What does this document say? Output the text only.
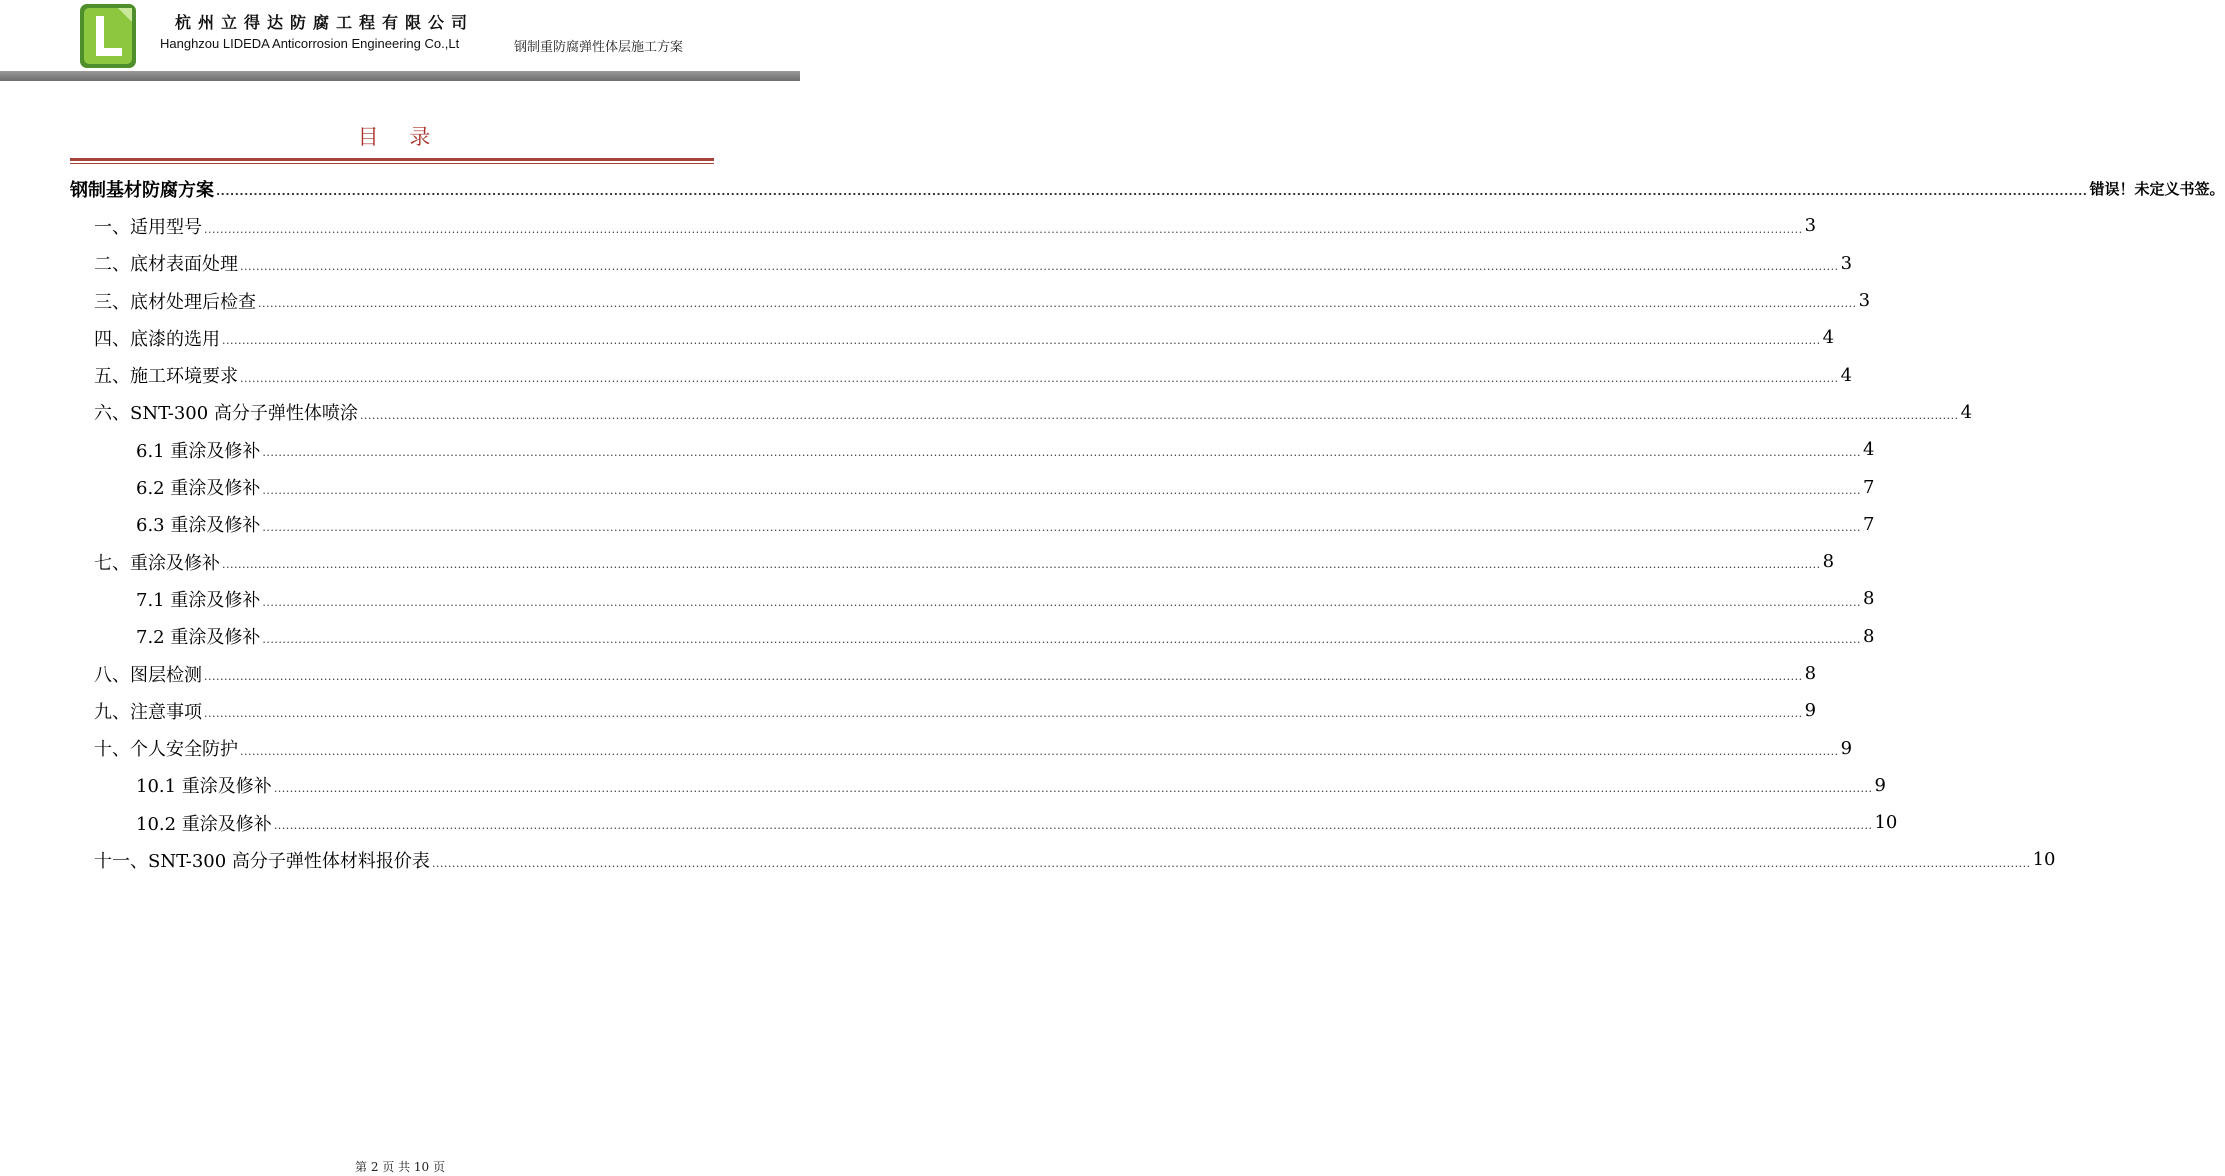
杭州立得达防腐工程有限公司
Hanghzou LIDEDA Anticorrosion Engineering Co.,Lt	钢制重防腐弹性体层施工方案
目 录
钢制基材防腐方案 ................................................................................................................................................................................................................................................................................................................................................................................................................ 错误！未定义书签。
一、适用型号 ................................................................................................................................................................................................................................................................................................................................................................................................................ 3
二、底材表面处理 ................................................................................................................................................................................................................................................................................................................................................................................................................ 3
三、底材处理后检查 ................................................................................................................................................................................................................................................................................................................................................................................................................ 3
四、底漆的选用 ................................................................................................................................................................................................................................................................................................................................................................................................................ 4
五、施工环境要求 ................................................................................................................................................................................................................................................................................................................................................................................................................ 4
六、SNT-300 高分子弹性体喷涂 ................................................................................................................................................................................................................................................................................................................................................................................................................ 4
6.1 重涂及修补 ................................................................................................................................................................................................................................................................................................................................................................................................................ 4
6.2 重涂及修补 ................................................................................................................................................................................................................................................................................................................................................................................................................ 7
6.3 重涂及修补 ................................................................................................................................................................................................................................................................................................................................................................................................................ 7
七、重涂及修补 ................................................................................................................................................................................................................................................................................................................................................................................................................ 8
7.1 重涂及修补 ................................................................................................................................................................................................................................................................................................................................................................................................................ 8
7.2 重涂及修补 ................................................................................................................................................................................................................................................................................................................................................................................................................ 8
八、图层检测 ................................................................................................................................................................................................................................................................................................................................................................................................................ 8
九、注意事项 ................................................................................................................................................................................................................................................................................................................................................................................................................ 9
十、个人安全防护 ................................................................................................................................................................................................................................................................................................................................................................................................................ 9
10.1 重涂及修补 ................................................................................................................................................................................................................................................................................................................................................................................................................ 9
10.2 重涂及修补 ................................................................................................................................................................................................................................................................................................................................................................................................................ 10
十一、SNT-300 高分子弹性体材料报价表 ................................................................................................................................................................................................................................................................................................................................................................................................................ 10
第 2 页 共 10 页
